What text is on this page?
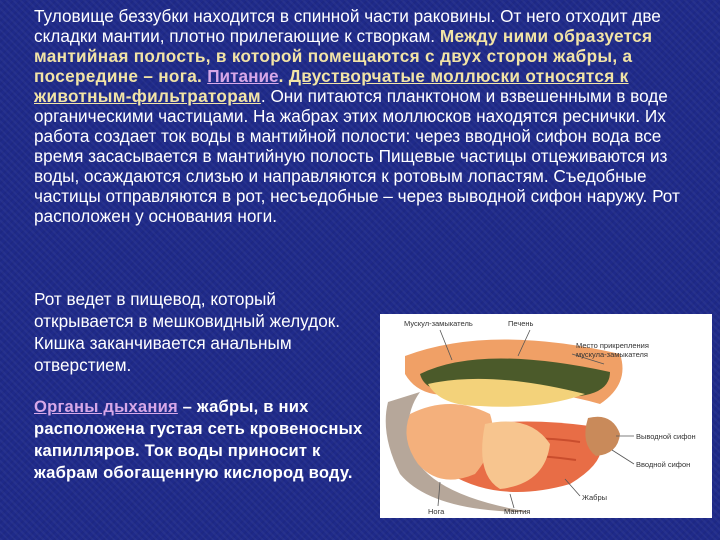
Туловище беззубки находится в спинной части раковины. От него отходит две складки мантии, плотно прилегающие к створкам. Между ними образуется мантийная полость, в которой помещаются с двух сторон жабры, а посередине – нога. Питание. Двустворчатые моллюски относятся к животным-фильтраторам. Они питаются планктоном и взвешенными в воде органическими частицами. На жабрах этих моллюсков находятся реснички. Их работа создает ток воды в мантийной полости: через вводной сифон вода все время засасывается в мантийную полость Пищевые частицы отцеживаются из воды, осаждаются слизью и направляются к ротовым лопастям. Съедобные частицы отправляются в рот, несъедобные – через выводной сифон наружу. Рот расположен у основания ноги.

Рот ведет в пищевод, который открывается в мешковидный желудок. Кишка заканчивается анальным отверстием.

Органы дыхания – жабры, в них расположена густая сеть кровеносных капилляров. Ток воды приносит к жабрам обогащенную кислород воду.

Мускул-замыкатель	Печень
Место прикрепления
мускула-замыкателя
Выводной сифон
Вводной сифон
Жабры
Нога	Мантия
